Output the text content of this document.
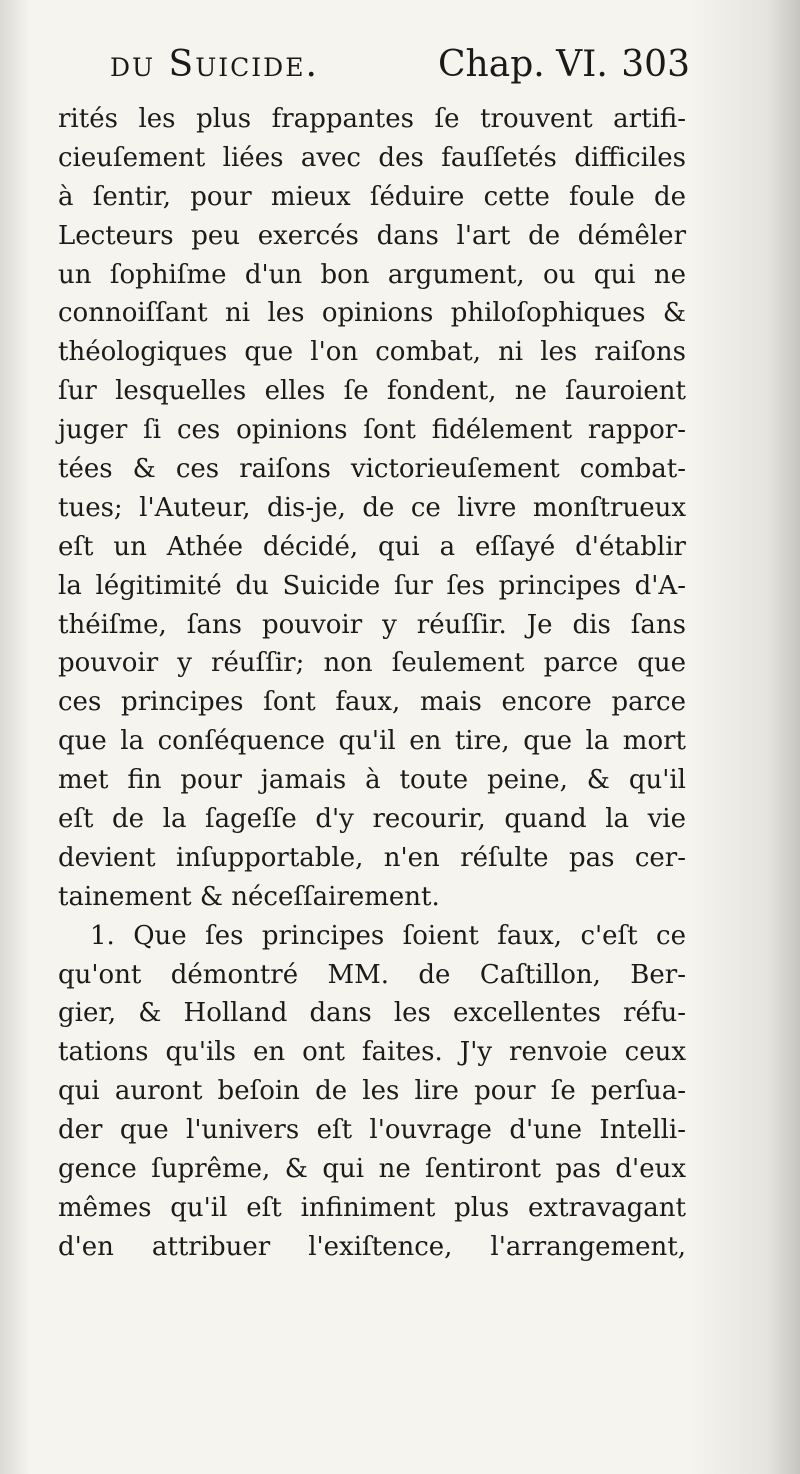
du Suicide.	Chap. VI. 303
rités les plus frappantes ſe trouvent artifi-
cieuſement liées avec des fauſſetés difficiles
à ſentir, pour mieux ſéduire cette foule de
Lecteurs peu exercés dans l'art de démêler
un ſophiſme d'un bon argument, ou qui ne
connoiſſant ni les opinions philoſophiques &
théologiques que l'on combat, ni les raiſons
ſur lesquelles elles ſe fondent, ne ſauroient
juger ſi ces opinions ſont fidélement rappor-
tées & ces raiſons victorieuſement combat-
tues; l'Auteur, dis-je, de ce livre monſtrueux
eſt un Athée décidé, qui a eſſayé d'établir
la légitimité du Suicide ſur ſes principes d'A-
théiſme, ſans pouvoir y réuſſir. Je dis ſans
pouvoir y réuſſir; non ſeulement parce que
ces principes ſont faux, mais encore parce
que la conſéquence qu'il en tire, que la mort
met fin pour jamais à toute peine, & qu'il
eſt de la ſageſſe d'y recourir, quand la vie
devient inſupportable, n'en réſulte pas cer-
tainement & néceſſairement.
1. Que ſes principes ſoient faux, c'eſt ce
qu'ont démontré MM. de Caſtillon, Ber-
gier, & Holland dans les excellentes réfu-
tations qu'ils en ont faites. J'y renvoie ceux
qui auront beſoin de les lire pour ſe perſua-
der que l'univers eſt l'ouvrage d'une Intelli-
gence ſuprême, & qui ne ſentiront pas d'eux
mêmes qu'il eſt infiniment plus extravagant
d'en attribuer l'exiſtence, l'arrangement,
